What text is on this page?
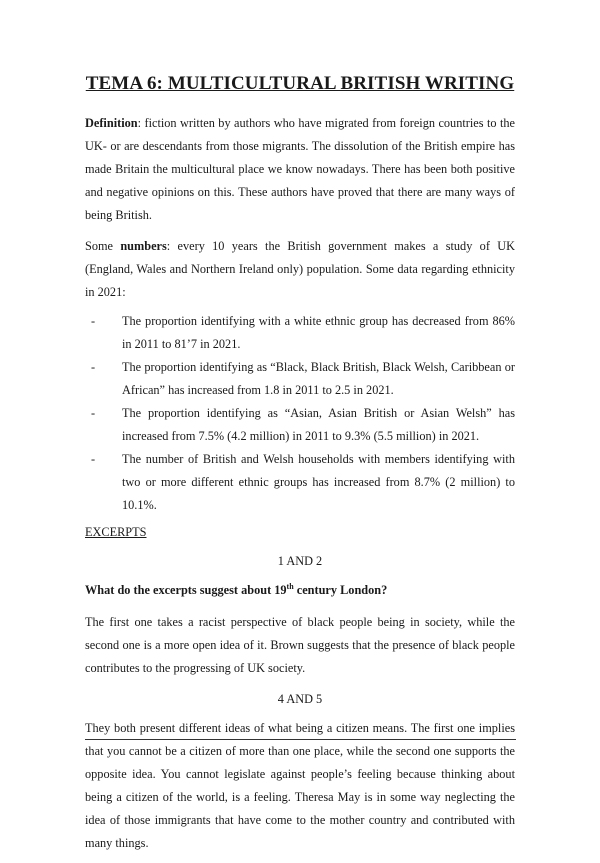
TEMA 6: MULTICULTURAL BRITISH WRITING

Definition: fiction written by authors who have migrated from foreign countries to the UK- or are descendants from those migrants. The dissolution of the British empire has made Britain the multicultural place we know nowadays. There has been both positive and negative opinions on this. These authors have proved that there are many ways of being British.

Some numbers: every 10 years the British government makes a study of UK (England, Wales and Northern Ireland only) population. Some data regarding ethnicity in 2021:

-	The proportion identifying with a white ethnic group has decreased from 86% in 2011 to 81’7 in 2021.
-	The proportion identifying as “Black, Black British, Black Welsh, Caribbean or African” has increased from 1.8 in 2011 to 2.5 in 2021.
-	The proportion identifying as “Asian, Asian British or Asian Welsh” has increased from 7.5% (4.2 million) in 2011 to 9.3% (5.5 million) in 2021.
-	The number of British and Welsh households with members identifying with two or more different ethnic groups has increased from 8.7% (2 million) to 10.1%.
EXCERPTS
1 AND 2
What do the excerpts suggest about 19th century London?

The first one takes a racist perspective of black people being in society, while the second one is a more open idea of it. Brown suggests that the presence of black people contributes to the progressing of UK society.

4 AND 5

They both present different ideas of what being a citizen means. The first one implies that you cannot be a citizen of more than one place, while the second one supports the opposite idea. You cannot legislate against people’s feeling because thinking about being a citizen of the world, is a feeling. Theresa May is in some way neglecting the idea of those immigrants that have come to the mother country and contributed with many things.
